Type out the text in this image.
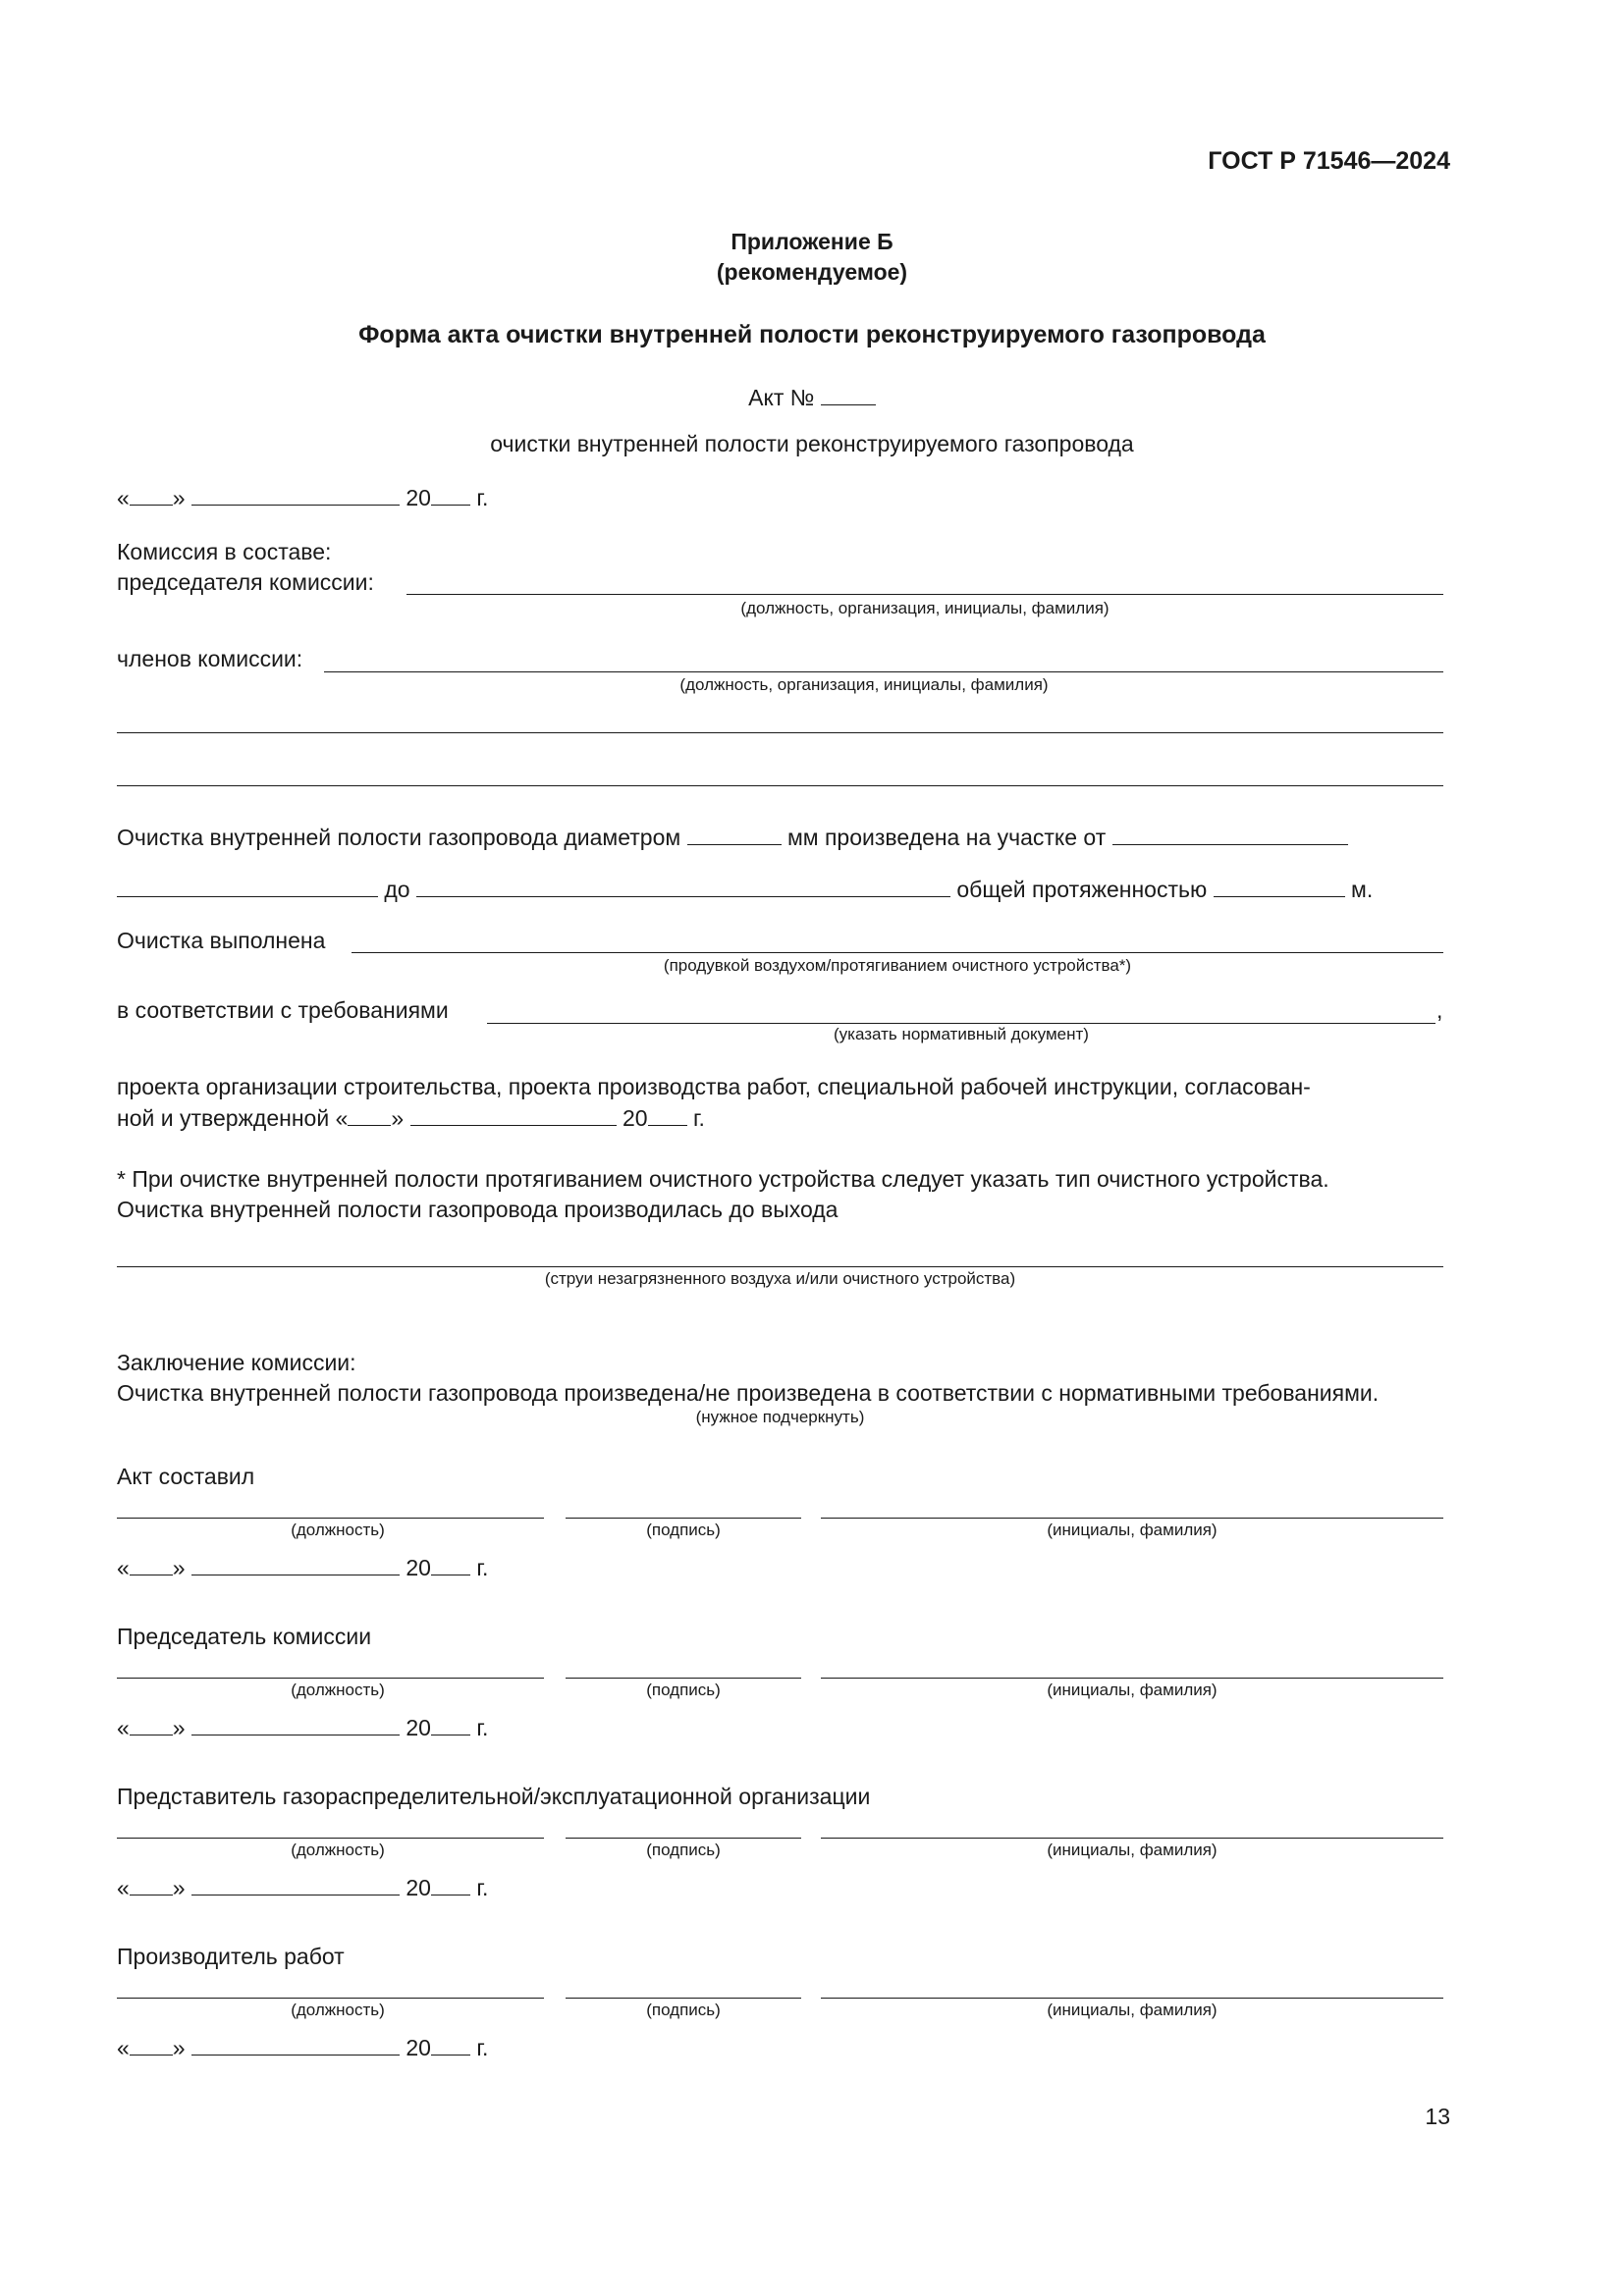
ГОСТ Р 71546—2024
Приложение Б
(рекомендуемое)
Форма акта очистки внутренней полости реконструируемого газопровода
Акт №
очистки внутренней полости реконструируемого газопровода
« »	20 г.
Комиссия в составе:
председателя комиссии:
(должность, организация, инициалы, фамилия)
членов комиссии:
(должность, организация, инициалы, фамилия)
Очистка внутренней полости газопровода диаметром	мм произведена на участке от
до	общей протяженностью	м.
Очистка выполнена
(продувкой воздухом/протягиванием очистного устройства*)
в соответствии с требованиями	,
(указать нормативный документ)
проекта организации строительства, проекта производства работ, специальной рабочей инструкции, согласован-
ной и утвержденной « »	20 г.
* При очистке внутренней полости протягиванием очистного устройства следует указать тип очистного устройства.
Очистка внутренней полости газопровода производилась до выхода
(струи незагрязненного воздуха и/или очистного устройства)
Заключение комиссии:
Очистка внутренней полости газопровода произведена/не произведена в соответствии с нормативными требованиями.
(нужное подчеркнуть)
Акт составил
(должность)	(подпись)	(инициалы, фамилия)
« »	20 г.
Председатель комиссии
(должность)	(подпись)	(инициалы, фамилия)
« »	20 г.
Представитель газораспределительной/эксплуатационной организации
(должность)	(подпись)	(инициалы, фамилия)
« »	20 г.
Производитель работ
(должность)	(подпись)	(инициалы, фамилия)
« »	20 г.
13
